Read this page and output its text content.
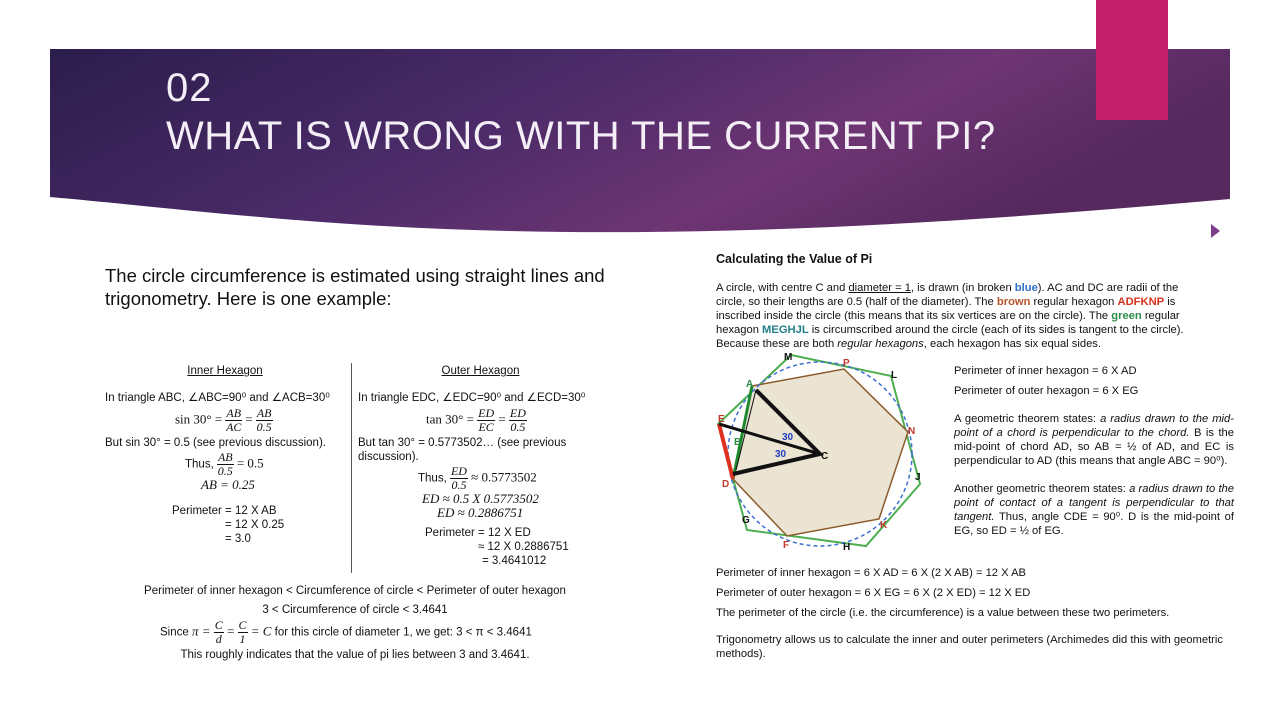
02
WHAT IS WRONG WITH THE CURRENT PI?
The circle circumference is estimated using straight lines and trigonometry. Here is one example:
Inner Hexagon
In triangle ABC, ∠ABC=90⁰ and ∠ACB=30⁰
$\sin 30^\circ = \frac{AB}{AC} = \frac{AB}{0.5}$
But sin 30° = 0.5 (see previous discussion).
Thus, $\frac{AB}{0.5} = 0.5$
AB = 0.25
Perimeter = 12 X AB
= 12 X 0.25
= 3.0
Outer Hexagon
In triangle EDC, ∠EDC=90⁰ and ∠ECD=30⁰
$\tan 30^\circ = \frac{ED}{EC} = \frac{ED}{0.5}$
But tan 30° = 0.5773502… (see previous
discussion).
Thus, $\frac{ED}{0.5} \approx 0.5773502$
ED ≈ 0.5 X 0.5773502
ED ≈ 0.2886751
Perimeter = 12 X ED
≈ 12 X 0.2886751
= 3.4641012
Perimeter of inner hexagon < Circumference of circle < Perimeter of outer hexagon
3 < Circumference of circle < 3.4641
Since $\pi = \frac{C}{d} = \frac{C}{1} = C$ for this circle of diameter 1, we get: 3 < π < 3.4641
This roughly indicates that the value of pi lies between 3 and 3.4641.
Calculating the Value of Pi
A circle, with centre C and diameter = 1, is drawn (in broken blue). AC and DC are radii of the
circle, so their lengths are 0.5 (half of the diameter). The brown regular hexagon ADFKNP is
inscribed inside the circle (this means that its six vertices are on the circle). The green regular
hexagon MEGHJL is circumscribed around the circle (each of its sides is tangent to the circle).
Because these are both regular hexagons, each hexagon has six equal sides.
M
P
L
A
E
B
N
C
J
D
G	K
F	H
30
30
Perimeter of inner hexagon = 6 X AD
Perimeter of outer hexagon = 6 X EG
A geometric theorem states: a radius drawn to the mid-point of a chord is perpendicular to the chord. B is the mid-point of chord AD, so AB = ½ of AD, and EC is perpendicular to AD (this means that angle ABC = 90⁰).
Another geometric theorem states: a radius drawn to the point of contact of a tangent is perpendicular to that tangent. Thus, angle CDE = 90⁰. D is the mid-point of EG, so ED = ½ of EG.
Perimeter of inner hexagon = 6 X AD = 6 X (2 X AB) = 12 X AB
Perimeter of outer hexagon = 6 X EG = 6 X (2 X ED) = 12 X ED
The perimeter of the circle (i.e. the circumference) is a value between these two perimeters.
Trigonometry allows us to calculate the inner and outer perimeters (Archimedes did this with geometric methods).
